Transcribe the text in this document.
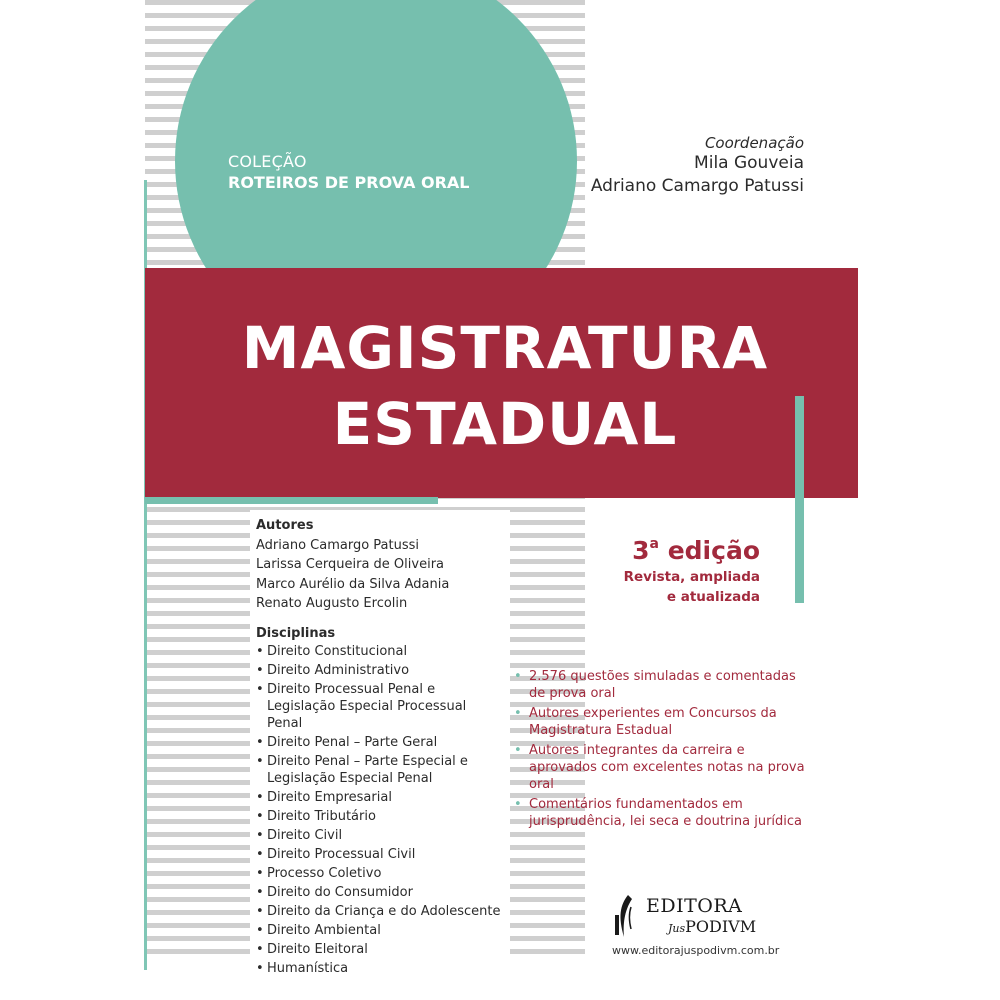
COLEÇÃO
ROTEIROS DE PROVA ORAL
Coordenação
Mila Gouveia
Adriano Camargo Patussi
MAGISTRATURA
ESTADUAL
Autores
Adriano Camargo Patussi
Larissa Cerqueira de Oliveira
Marco Aurélio da Silva Adania
Renato Augusto Ercolin
Disciplinas
• Direito Constitucional
• Direito Administrativo
• Direito Processual Penal e Legislação Especial Processual Penal
• Direito Penal – Parte Geral
• Direito Penal – Parte Especial e Legislação Especial Penal
• Direito Empresarial
• Direito Tributário
• Direito Civil
• Direito Processual Civil
• Processo Coletivo
• Direito do Consumidor
• Direito da Criança e do Adolescente
• Direito Ambiental
• Direito Eleitoral
• Humanística
3$^a$ edição
Revista, ampliada
e atualizada
• 2.576 questões simuladas e comentadas de prova oral
• Autores experientes em Concursos da Magistratura Estadual
• Autores integrantes da carreira e aprovados com excelentes notas na prova oral
• Comentários fundamentados em jurisprudência, lei seca e doutrina jurídica
EDITORA
JusPODIVM
www.editorajuspodivm.com.br
